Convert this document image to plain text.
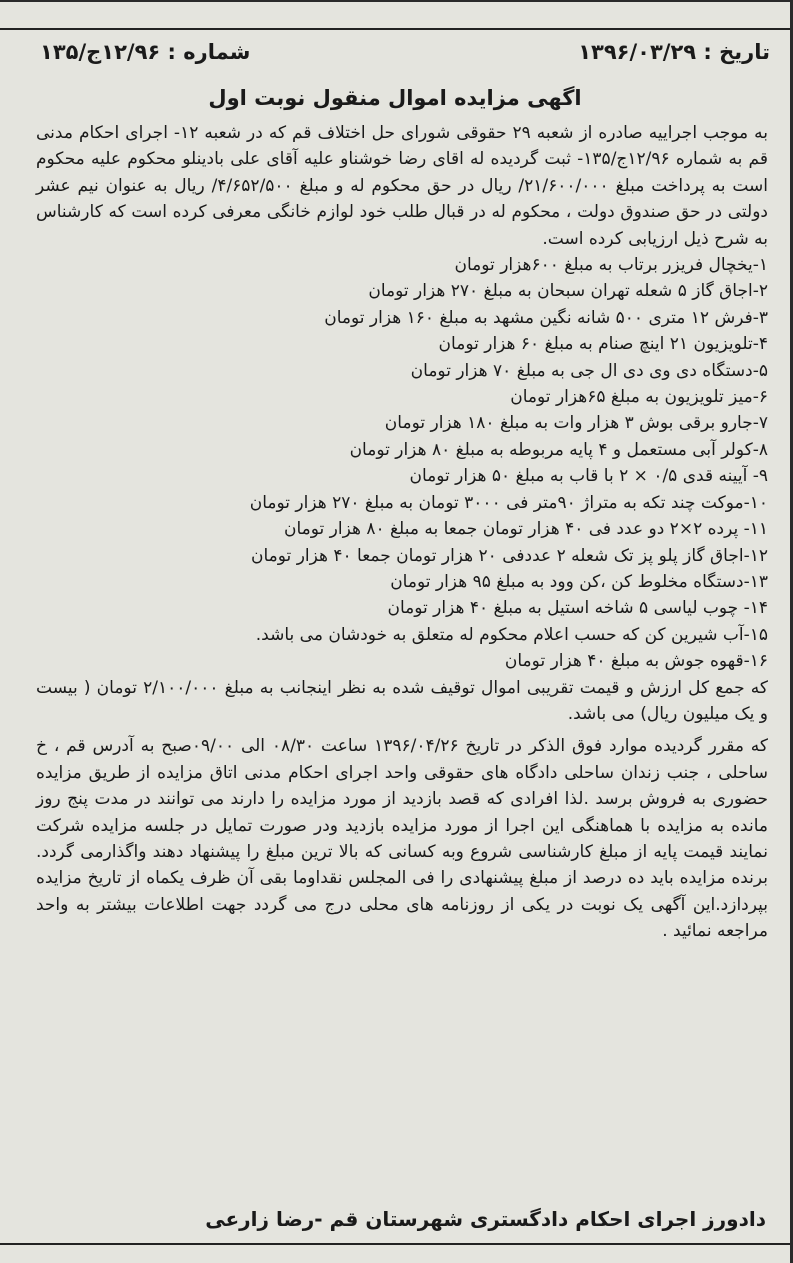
تاریخ : ۱۳۹۶/۰۳/۲۹
شماره : ۱۲/۹۶ج/۱۳۵
اگهی مزایده اموال منقول نوبت اول

به موجب اجراییه صادره از شعبه ۲۹ حقوقی شورای حل اختلاف قم که در شعبه ۱۲- اجرای احکام مدنی قم به شماره ۱۲/۹۶ج/۱۳۵- ثبت گردیده له اقای رضا خوشناو علیه آقای علی بادینلو محکوم علیه محکوم است به پرداخت مبلغ ۲۱/۶۰۰/۰۰۰/ ریال در حق محکوم له و مبلغ ۴/۶۵۲/۵۰۰/ ریال به عنوان نیم عشر دولتی در حق صندوق دولت ، محکوم له در قبال طلب خود لوازم خانگی معرفی کرده است که کارشناس به شرح ذیل ارزیابی کرده است.

۱-یخچال فریزر برتاب به مبلغ ۶۰۰هزار تومان
۲-اجاق گاز ۵ شعله تهران سبحان به مبلغ ۲۷۰ هزار تومان
۳-فرش ۱۲ متری ۵۰۰ شانه نگین مشهد به مبلغ ۱۶۰ هزار تومان
۴-تلویزیون ۲۱ اینچ صنام به مبلغ ۶۰ هزار تومان
۵-دستگاه دی وی دی ال جی به مبلغ ۷۰ هزار تومان
۶-میز تلویزیون به مبلغ ۶۵هزار تومان
۷-جارو برقی بوش ۳ هزار وات به مبلغ ۱۸۰ هزار تومان
۸-کولر آبی مستعمل و ۴ پایه مربوطه به مبلغ ۸۰ هزار تومان
۹- آیینه قدی ۰/۵ × ۲ با قاب به مبلغ ۵۰ هزار تومان
۱۰-موکت چند تکه به متراژ ۹۰متر فی ۳۰۰۰ تومان به مبلغ ۲۷۰ هزار تومان
۱۱- پرده ۲×۲ دو عدد فی ۴۰ هزار تومان جمعا به مبلغ ۸۰ هزار تومان
۱۲-اجاق گاز پلو پز تک شعله ۲ عددفی ۲۰ هزار تومان جمعا ۴۰ هزار تومان
۱۳-دستگاه مخلوط کن ،کن وود به مبلغ ۹۵ هزار تومان
۱۴- چوب لیاسی ۵ شاخه استیل به مبلغ ۴۰ هزار تومان
۱۵-آب شیرین کن که حسب اعلام محکوم له متعلق به خودشان می باشد.
۱۶-قهوه جوش به مبلغ ۴۰ هزار تومان

که جمع کل ارزش و قیمت تقریبی اموال توقیف شده به نظر اینجانب به مبلغ ۲/۱۰۰/۰۰۰ تومان ( بیست و یک میلیون ریال) می باشد.

که مقرر گردیده موارد فوق الذکر در تاریخ ۱۳۹۶/۰۴/۲۶ ساعت ۰۸/۳۰ الی ۰۹/۰۰صبح به آدرس قم ، خ ساحلی ، جنب زندان ساحلی دادگاه های حقوقی واحد اجرای احکام مدنی اتاق مزایده از طریق مزایده حضوری به فروش برسد .لذا افرادی که قصد بازدید از مورد مزایده را دارند می توانند در مدت پنج روز مانده به مزایده با هماهنگی این اجرا از مورد مزایده بازدید ودر صورت تمایل در جلسه مزایده شرکت نمایند قیمت پایه از مبلغ کارشناسی شروع وبه کسانی که بالا ترین مبلغ را پیشنهاد دهند واگذارمی گردد. برنده مزایده باید ده درصد از مبلغ پیشنهادی را فی المجلس نقداوما بقی آن ظرف یکماه از تاریخ مزایده بپردازد.این آگهی یک نوبت در یکی از روزنامه های محلی درج می گردد جهت اطلاعات بیشتر به واحد مراجعه نمائید .

دادورز اجرای احکام دادگستری شهرستان قم -رضا زارعی
